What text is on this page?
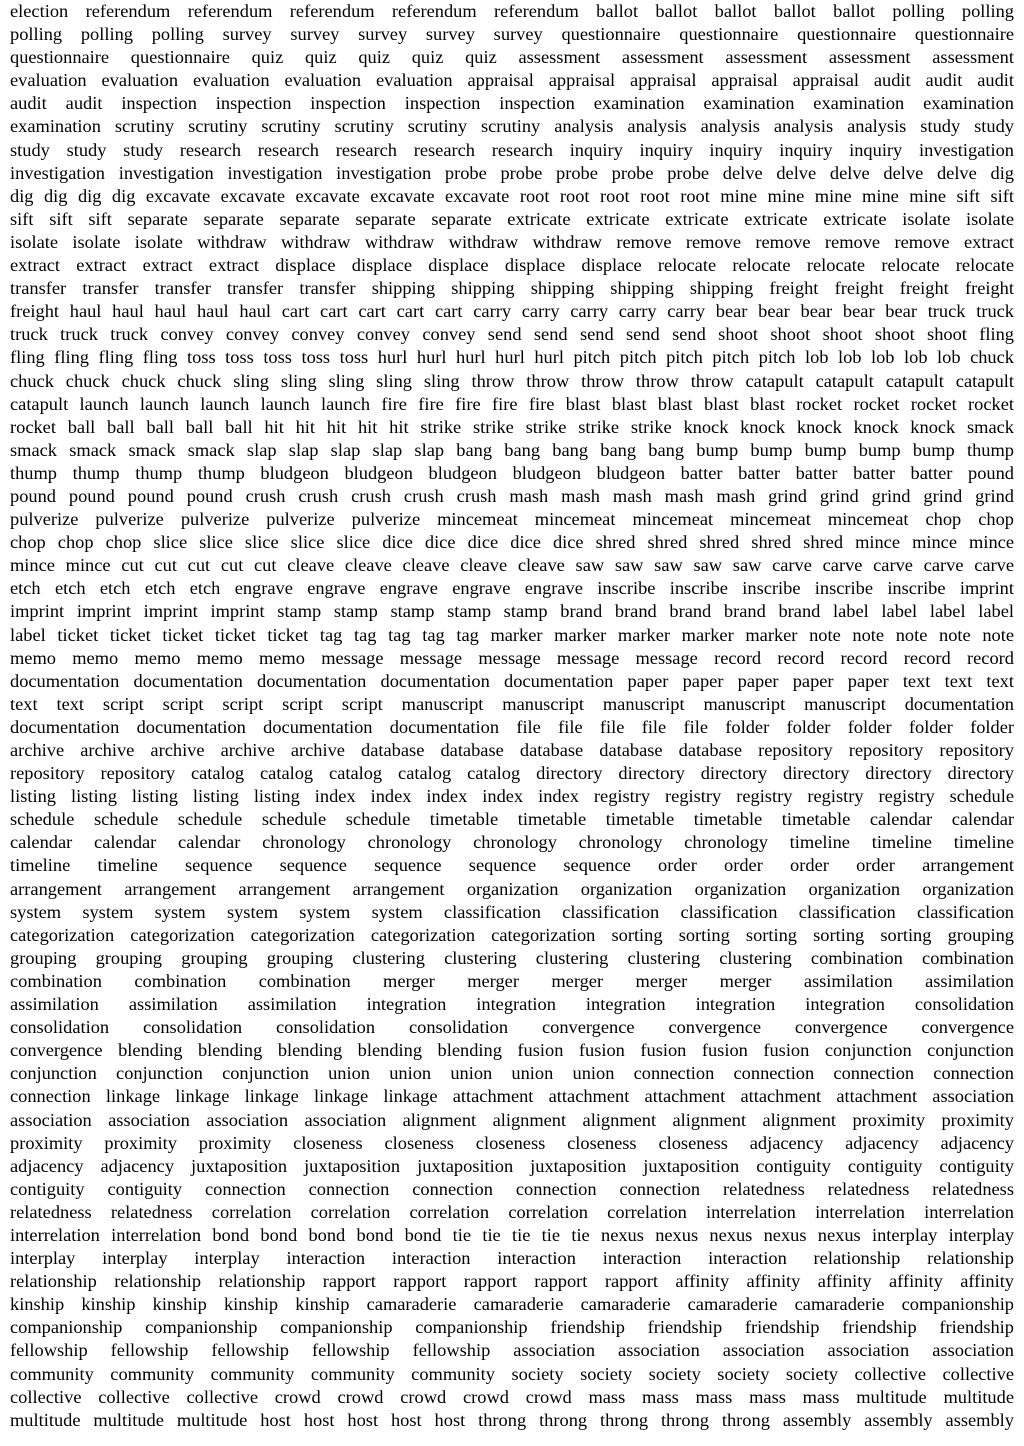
election referendum referendum referendum referendum referendum ballot ballot ballot ballot ballot polling polling
polling polling polling survey survey survey survey survey questionnaire questionnaire questionnaire questionnaire
questionnaire questionnaire quiz quiz quiz quiz quiz assessment assessment assessment assessment assessment
evaluation evaluation evaluation evaluation evaluation appraisal appraisal appraisal appraisal appraisal audit audit audit
audit audit inspection inspection inspection inspection inspection examination examination examination examination
examination scrutiny scrutiny scrutiny scrutiny scrutiny scrutiny analysis analysis analysis analysis analysis study study
study study study research research research research research inquiry inquiry inquiry inquiry inquiry investigation
investigation investigation investigation investigation probe probe probe probe probe delve delve delve delve delve dig
dig dig dig dig excavate excavate excavate excavate excavate root root root root root mine mine mine mine mine sift sift
sift sift sift separate separate separate separate separate extricate extricate extricate extricate extricate isolate isolate
isolate isolate isolate withdraw withdraw withdraw withdraw withdraw remove remove remove remove remove extract
extract extract extract extract displace displace displace displace displace relocate relocate relocate relocate relocate
transfer transfer transfer transfer transfer shipping shipping shipping shipping shipping freight freight freight freight
freight haul haul haul haul haul cart cart cart cart cart carry carry carry carry carry bear bear bear bear bear truck truck
truck truck truck convey convey convey convey convey send send send send send shoot shoot shoot shoot shoot fling
fling fling fling fling toss toss toss toss toss hurl hurl hurl hurl hurl pitch pitch pitch pitch pitch lob lob lob lob lob chuck
chuck chuck chuck chuck sling sling sling sling sling throw throw throw throw throw catapult catapult catapult catapult
catapult launch launch launch launch launch fire fire fire fire fire blast blast blast blast blast rocket rocket rocket rocket
rocket ball ball ball ball ball hit hit hit hit hit strike strike strike strike strike knock knock knock knock knock smack
smack smack smack smack slap slap slap slap slap bang bang bang bang bang bump bump bump bump bump thump
thump thump thump thump bludgeon bludgeon bludgeon bludgeon bludgeon batter batter batter batter batter pound
pound pound pound pound crush crush crush crush crush mash mash mash mash mash grind grind grind grind grind
pulverize pulverize pulverize pulverize pulverize mincemeat mincemeat mincemeat mincemeat mincemeat chop chop
chop chop chop slice slice slice slice slice dice dice dice dice dice shred shred shred shred shred mince mince mince
mince mince cut cut cut cut cut cleave cleave cleave cleave cleave saw saw saw saw saw carve carve carve carve carve
etch etch etch etch etch engrave engrave engrave engrave engrave inscribe inscribe inscribe inscribe inscribe imprint
imprint imprint imprint imprint stamp stamp stamp stamp stamp brand brand brand brand brand label label label label
label ticket ticket ticket ticket ticket tag tag tag tag tag marker marker marker marker marker note note note note note
memo memo memo memo memo message message message message message record record record record record
documentation documentation documentation documentation documentation paper paper paper paper paper text text text
text text script script script script script manuscript manuscript manuscript manuscript manuscript documentation
documentation documentation documentation documentation file file file file file folder folder folder folder folder
archive archive archive archive archive database database database database database repository repository repository
repository repository catalog catalog catalog catalog catalog directory directory directory directory directory directory
listing listing listing listing listing index index index index index registry registry registry registry registry schedule
schedule schedule schedule schedule schedule timetable timetable timetable timetable timetable calendar calendar
calendar calendar calendar chronology chronology chronology chronology chronology timeline timeline timeline
timeline timeline sequence sequence sequence sequence sequence order order order order arrangement
arrangement arrangement arrangement arrangement organization organization organization organization organization
system system system system system system classification classification classification classification classification
categorization categorization categorization categorization categorization sorting sorting sorting sorting sorting grouping
grouping grouping grouping grouping clustering clustering clustering clustering clustering combination combination
combination combination combination merger merger merger merger merger assimilation assimilation
assimilation assimilation assimilation integration integration integration integration integration consolidation
consolidation consolidation consolidation consolidation convergence convergence convergence convergence
convergence blending blending blending blending blending fusion fusion fusion fusion fusion conjunction conjunction
conjunction conjunction conjunction union union union union union connection connection connection connection
connection linkage linkage linkage linkage linkage attachment attachment attachment attachment attachment association
association association association association alignment alignment alignment alignment alignment proximity proximity
proximity proximity proximity closeness closeness closeness closeness closeness adjacency adjacency adjacency
adjacency adjacency juxtaposition juxtaposition juxtaposition juxtaposition juxtaposition contiguity contiguity contiguity
contiguity contiguity connection connection connection connection connection relatedness relatedness relatedness
relatedness relatedness correlation correlation correlation correlation correlation interrelation interrelation interrelation
interrelation interrelation bond bond bond bond bond tie tie tie tie tie nexus nexus nexus nexus nexus interplay interplay
interplay interplay interplay interaction interaction interaction interaction interaction relationship relationship
relationship relationship relationship rapport rapport rapport rapport rapport affinity affinity affinity affinity affinity
kinship kinship kinship kinship kinship camaraderie camaraderie camaraderie camaraderie camaraderie companionship
companionship companionship companionship companionship friendship friendship friendship friendship friendship
fellowship fellowship fellowship fellowship fellowship association association association association association
community community community community community society society society society society collective collective
collective collective collective crowd crowd crowd crowd crowd mass mass mass mass mass multitude multitude
multitude multitude multitude host host host host host throng throng throng throng throng assembly assembly assembly
